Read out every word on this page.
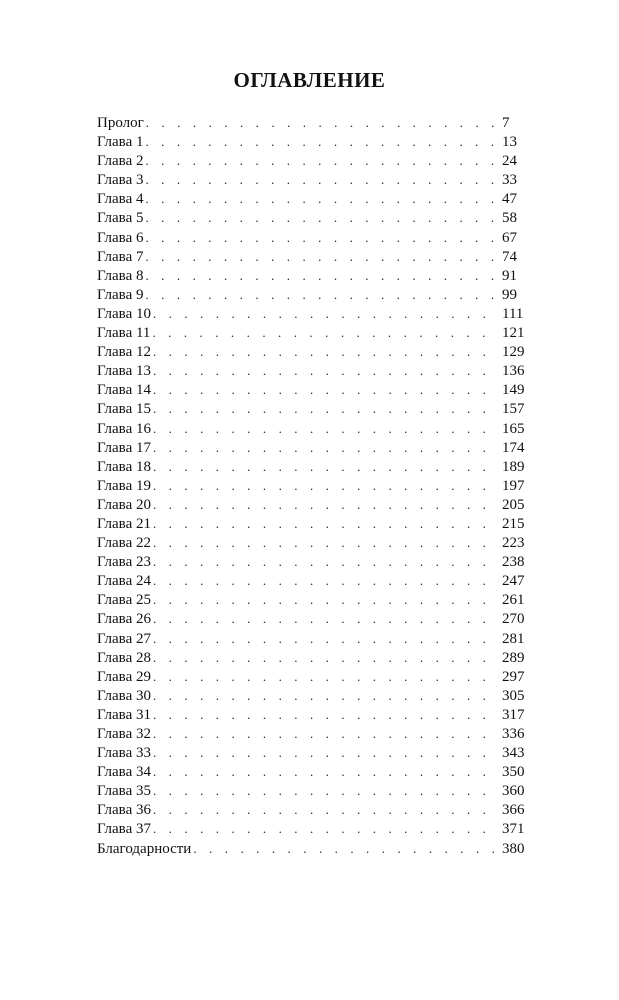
ОГЛАВЛЕНИЕ
Пролог . . .	7
Глава 1 . . .	13
Глава 2 . . .	24
Глава 3 . . .	33
Глава 4 . . .	47
Глава 5 . . .	58
Глава 6 . . .	67
Глава 7 . . .	74
Глава 8 . . .	91
Глава 9 . . .	99
Глава 10 . . .	111
Глава 11 . . .	121
Глава 12 . . .	129
Глава 13 . . .	136
Глава 14 . . .	149
Глава 15 . . .	157
Глава 16 . . .	165
Глава 17 . . .	174
Глава 18 . . .	189
Глава 19 . . .	197
Глава 20 . . .	205
Глава 21 . . .	215
Глава 22 . . .	223
Глава 23 . . .	238
Глава 24 . . .	247
Глава 25 . . .	261
Глава 26 . . .	270
Глава 27 . . .	281
Глава 28 . . .	289
Глава 29 . . .	297
Глава 30 . . .	305
Глава 31 . . .	317
Глава 32 . . .	336
Глава 33 . . .	343
Глава 34 . . .	350
Глава 35 . . .	360
Глава 36 . . .	366
Глава 37 . . .	371
Благодарности . . .	380
